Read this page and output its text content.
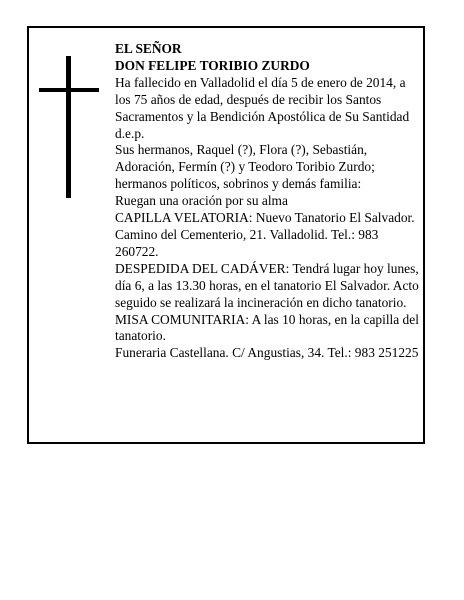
EL SEÑOR

DON FELIPE TORIBIO ZURDO

Ha fallecido en Valladolid el día 5 de enero de 2014, a los 75 años de edad, después de recibir los Santos Sacramentos y la Bendición Apostólica de Su Santidad

d.e.p.

Sus hermanos, Raquel (?), Flora (?), Sebastián, Adoración, Fermín (?) y Teodoro Toribio Zurdo; hermanos políticos, sobrinos y demás familia:

Ruegan una oración por su alma

CAPILLA VELATORIA: Nuevo Tanatorio El Salvador. Camino del Cementerio, 21. Valladolid. Tel.: 983 260722.

DESPEDIDA DEL CADÁVER: Tendrá lugar hoy lunes, día 6, a las 13.30 horas, en el tanatorio El Salvador. Acto seguido se realizará la incineración en dicho tanatorio.

MISA COMUNITARIA: A las 10 horas, en la capilla del tanatorio.

Funeraria Castellana. C/ Angustias, 34. Tel.: 983 251225
